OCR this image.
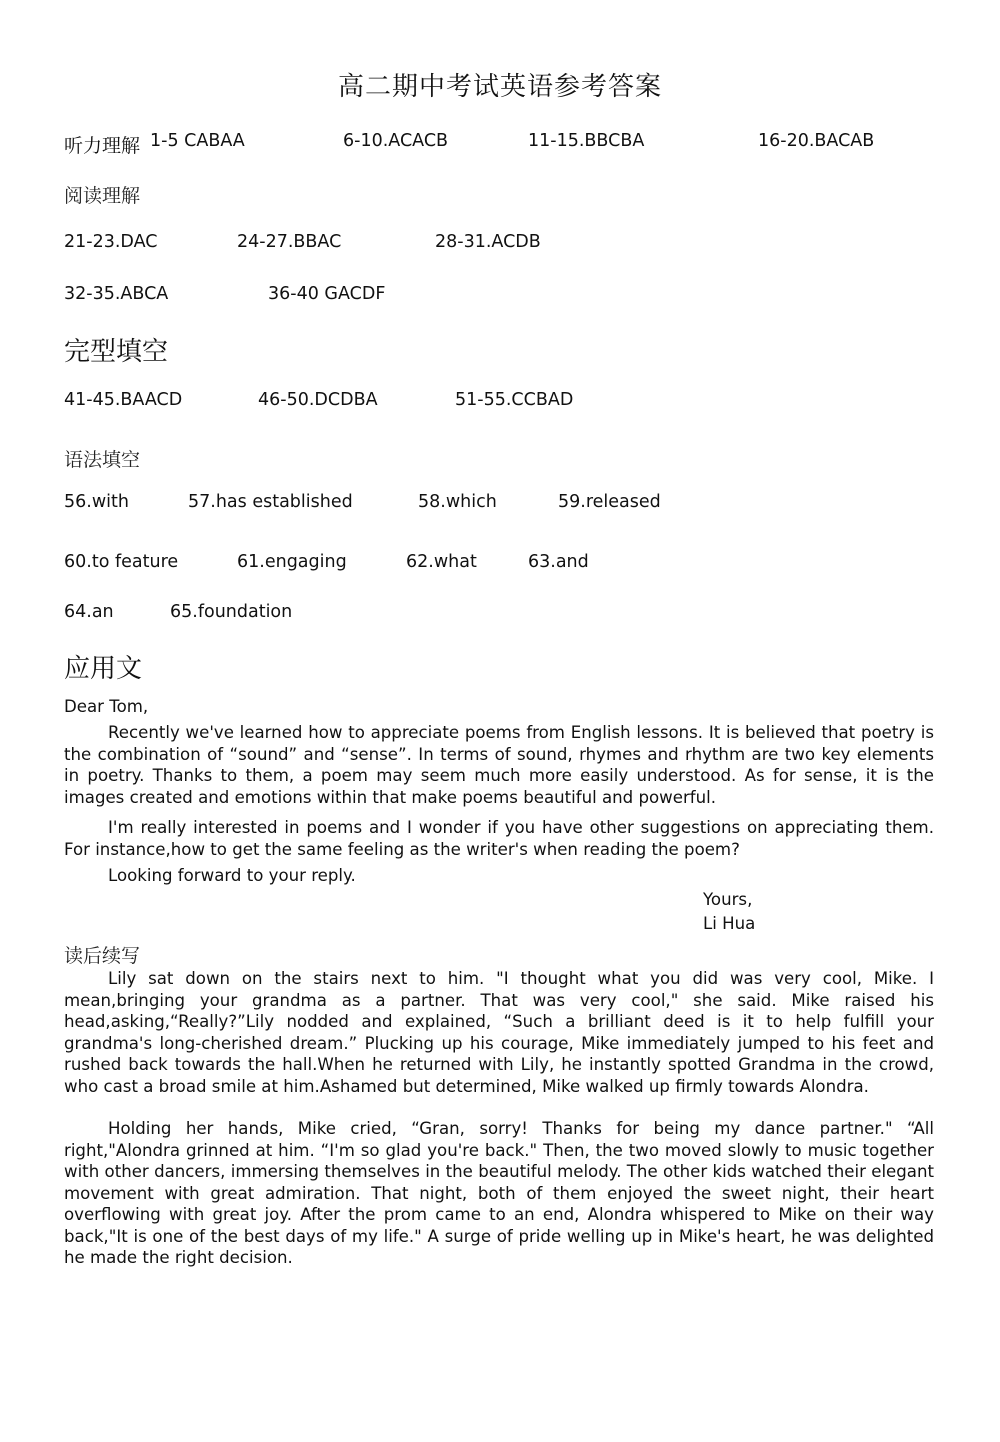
高二期中考试英语参考答案
听力理解 1-5 CABAA	6-10.ACACB	11-15.BBCBA	16-20.BACAB
阅读理解
21-23.DAC	24-27.BBAC	28-31.ACDB
32-35.ABCA	36-40 GACDF
完型填空
41-45.BAACD	46-50.DCDBA	51-55.CCBAD
语法填空
56.with	57.has established	58.which	59.released
60.to feature	61.engaging	62.what	63.and
64.an	65.foundation
应用文
Dear Tom,
Recently we've learned how to appreciate poems from English lessons. It is believed that poetry is the combination of “sound” and “sense”. In terms of sound, rhymes and rhythm are two key elements in poetry. Thanks to them, a poem may seem much more easily understood. As for sense, it is the images created and emotions within that make poems beautiful and powerful.
I'm really interested in poems and I wonder if you have other suggestions on appreciating them. For instance,how to get the same feeling as the writer's when reading the poem?
Looking forward to your reply.
Yours,
Li Hua
读后续写
Lily sat down on the stairs next to him. "I thought what you did was very cool, Mike. I mean,bringing your grandma as a partner. That was very cool," she said. Mike raised his head,asking,“Really?”Lily nodded and explained, “Such a brilliant deed is it to help fulfill your grandma's long-cherished dream.” Plucking up his courage, Mike immediately jumped to his feet and rushed back towards the hall.When he returned with Lily, he instantly spotted Grandma in the crowd, who cast a broad smile at him.Ashamed but determined, Mike walked up firmly towards Alondra.
Holding her hands, Mike cried, “Gran, sorry! Thanks for being my dance partner." “All right,"Alondra grinned at him. “I'm so glad you're back." Then, the two moved slowly to music together with other dancers, immersing themselves in the beautiful melody. The other kids watched their elegant movement with great admiration. That night, both of them enjoyed the sweet night, their heart overflowing with great joy. After the prom came to an end, Alondra whispered to Mike on their way back,"It is one of the best days of my life." A surge of pride welling up in Mike's heart, he was delighted he made the right decision.
